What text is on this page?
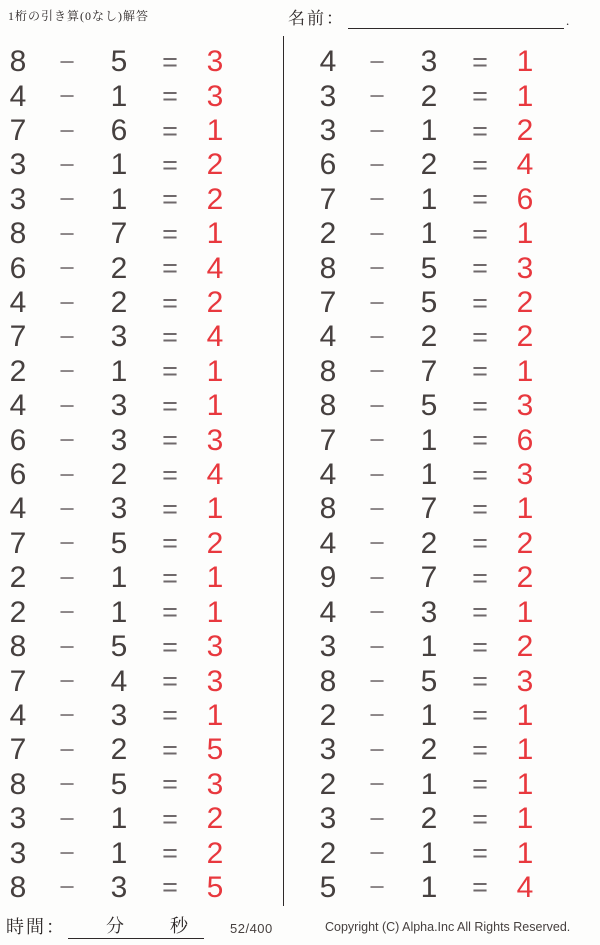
1桁の引き算(0なし)解答	名前：	.
8	−	5	= 3
4	−	1	= 3
7	−	6	= 1
3	−	1	= 2
3	−	1	= 2
8	−	7	= 1
6	−	2	= 4
4	−	2	= 2
7	−	3	= 4
2	−	1	= 1
4	−	3	= 1
6	−	3	= 3
6	−	2	= 4
4	−	3	= 1
7	−	5	= 2
2	−	1	= 1
2	−	1	= 1
8	−	5	= 3
7	−	4	= 3
4	−	3	= 1
7	−	2	= 5
8	−	5	= 3
3	−	1	= 2
3	−	1	= 2
8	−	3	= 5
4	−	3	= 1
3	−	2	= 1
3	−	1	= 2
6	−	2	= 4
7	−	1	= 6
2	−	1	= 1
8	−	5	= 3
7	−	5	= 2
4	−	2	= 2
8	−	7	= 1
8	−	5	= 3
7	−	1	= 6
4	−	1	= 3
8	−	7	= 1
4	−	2	= 2
9	−	7	= 2
4	−	3	= 1
3	−	1	= 2
8	−	5	= 3
2	−	1	= 1
3	−	2	= 1
2	−	1	= 1
3	−	2	= 1
2	−	1	= 1
5	−	1	= 4
時間： 分	秒	52/400	Copyright (C) Alpha.Inc All Rights Reserved.
